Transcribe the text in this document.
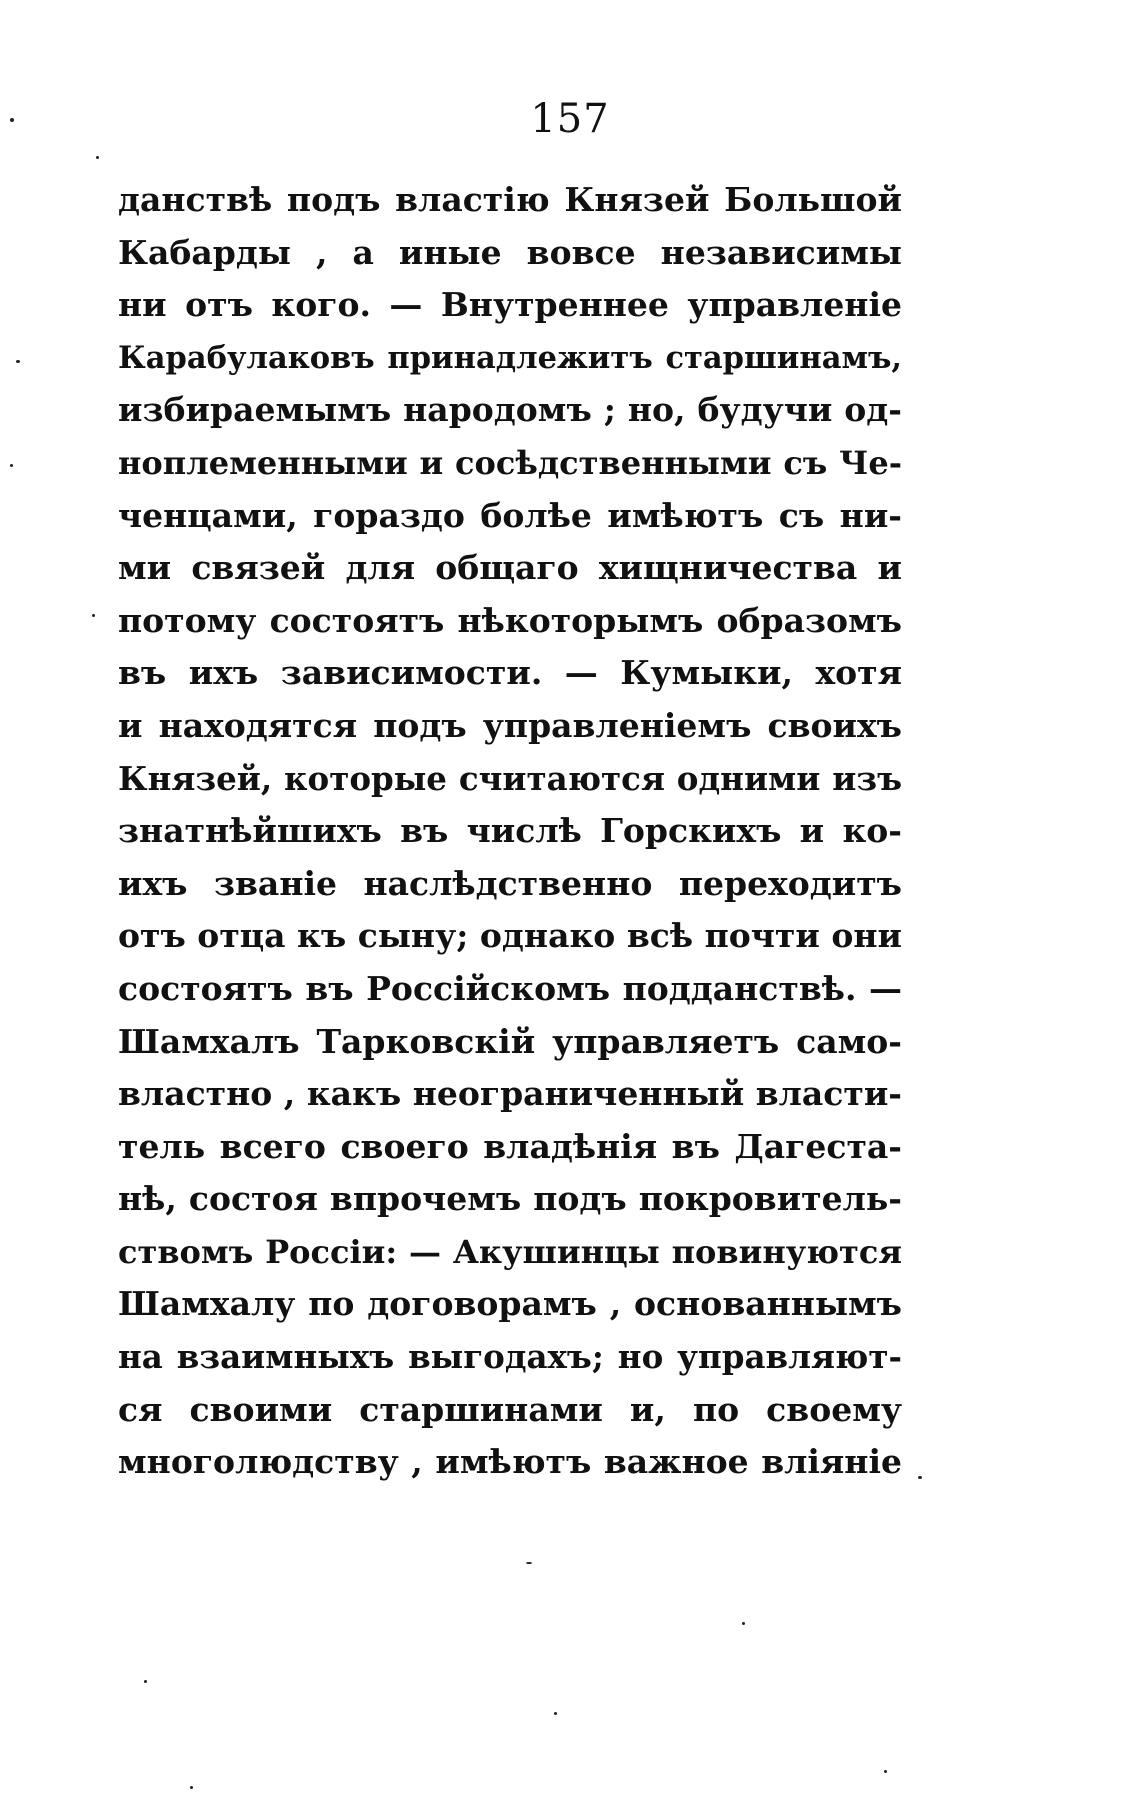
157
данствѣ подъ властію Князей Большой
Кабарды , а иные вовсе независимы
ни отъ кого. — Внутреннее управленіе
Карабулаковъ принадлежитъ старшинамъ,
избираемымъ народомъ ; но, будучи од-
ноплеменными и сосѣдственными съ Че-
ченцами, гораздо болѣе имѣютъ съ ни-
ми связей для общаго хищничества и
потому состоятъ нѣкоторымъ образомъ
въ ихъ зависимости. — Кумыки, хотя
и находятся подъ управленіемъ своихъ
Князей, которые считаются одними изъ
знатнѣйшихъ въ числѣ Горскихъ и ко-
ихъ званіе наслѣдственно переходитъ
отъ отца къ сыну; однако всѣ почти они
состоятъ въ Россійскомъ подданствѣ. —
Шамхалъ Тарковскій управляетъ само-
властно , какъ неограниченный власти-
тель всего своего владѣнія въ Дагеста-
нѣ, состоя впрочемъ подъ покровитель-
ствомъ Россіи: — Акушинцы повинуются
Шамхалу по договорамъ , основаннымъ
на взаимныхъ выгодахъ; но управляют-
ся своими старшинами и, по своему
многолюдству , имѣютъ важное вліяніе
